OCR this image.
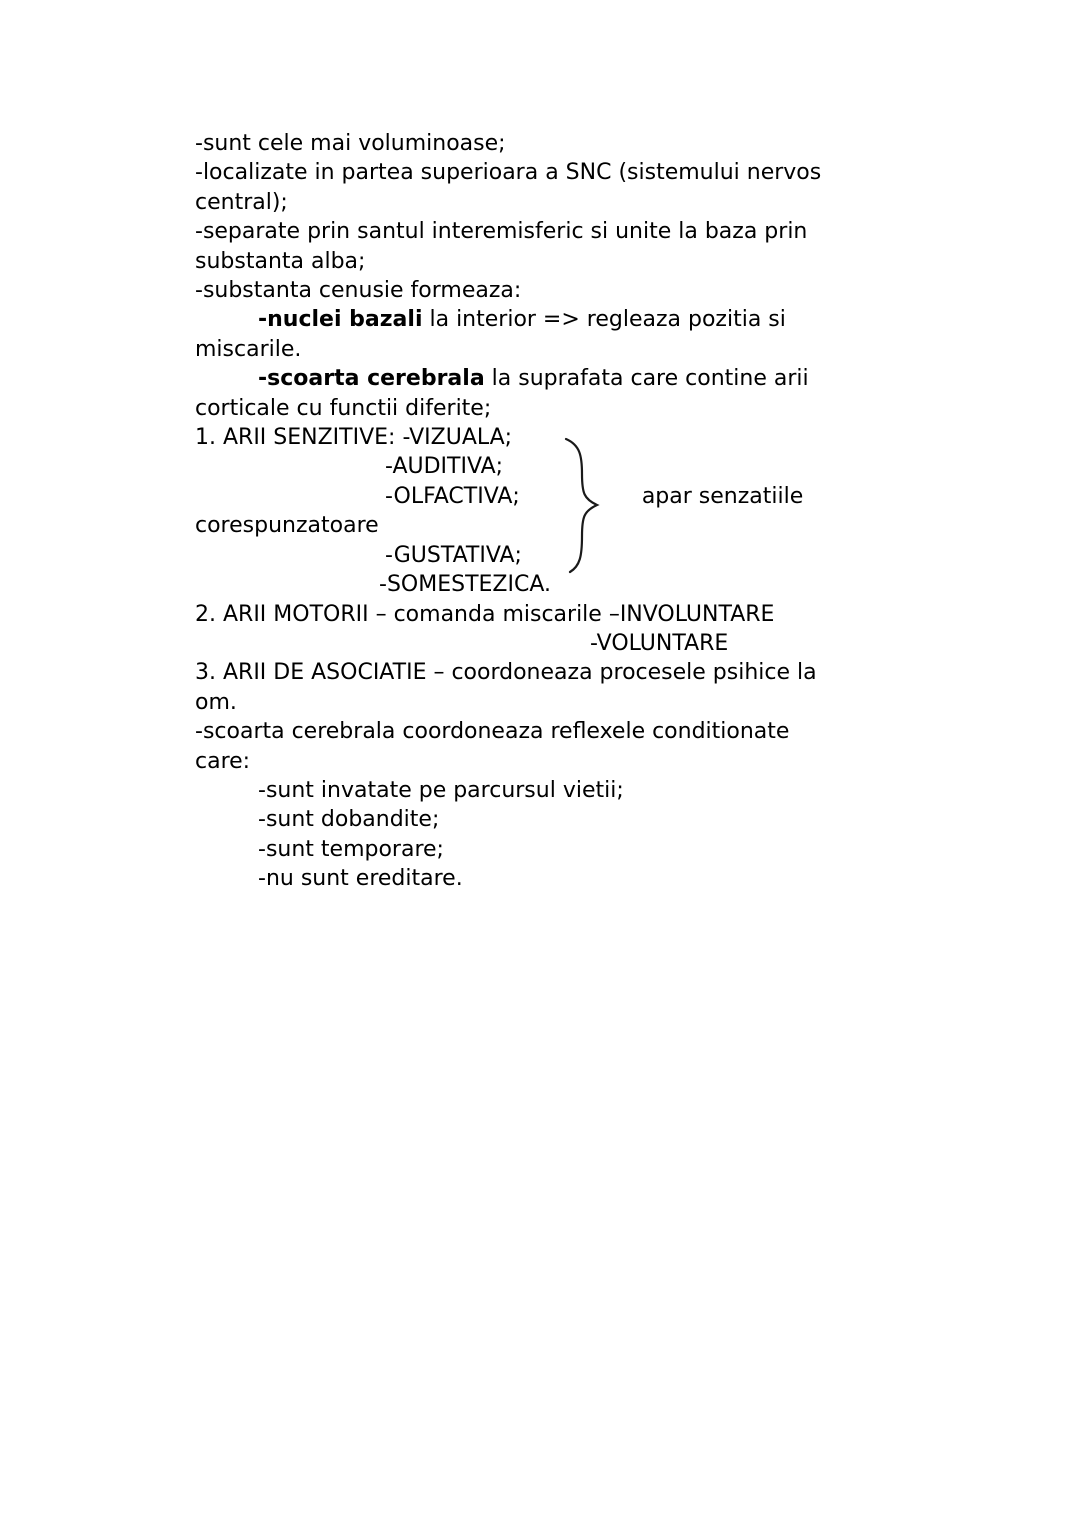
-sunt cele mai voluminoase;
-localizate in partea superioara a SNC (sistemului nervos
central);
-separate prin santul interemisferic si unite la baza prin
substanta alba;
-substanta cenusie formeaza:
-nuclei bazali la interior => regleaza pozitia si
miscarile.
-scoarta cerebrala la suprafata care contine arii
corticale cu functii diferite;
1. ARII SENZITIVE: -VIZUALA;
-AUDITIVA;
-OLFACTIVA;	apar senzatiile
corespunzatoare
-GUSTATIVA;
-SOMESTEZICA.
2. ARII MOTORII – comanda miscarile –INVOLUNTARE
-VOLUNTARE
3. ARII DE ASOCIATIE – coordoneaza procesele psihice la
om.
-scoarta cerebrala coordoneaza reflexele conditionate
care:
-sunt invatate pe parcursul vietii;
-sunt dobandite;
-sunt temporare;
-nu sunt ereditare.
